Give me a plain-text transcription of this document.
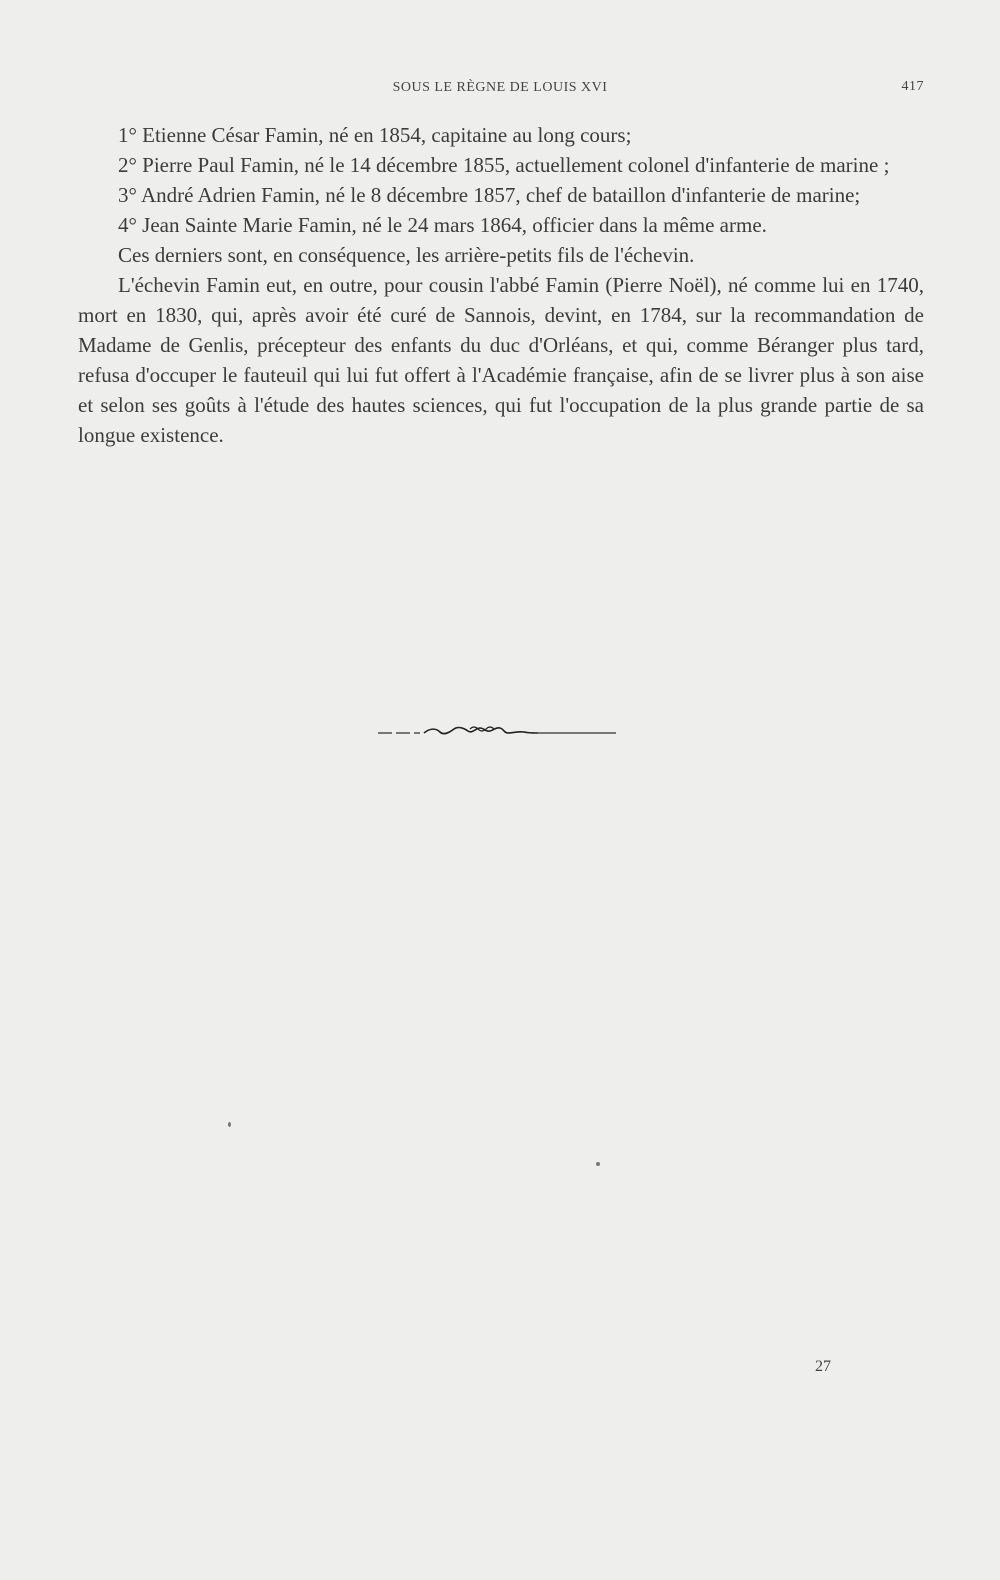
SOUS LE RÈGNE DE LOUIS XVI	417

1° Etienne César Famin, né en 1854, capitaine au long cours;

2° Pierre Paul Famin, né le 14 décembre 1855, actuellement colonel d'infanterie de marine ;

3° André Adrien Famin, né le 8 décembre 1857, chef de bataillon d'infanterie de marine;

4° Jean Sainte Marie Famin, né le 24 mars 1864, officier dans la même arme.

Ces derniers sont, en conséquence, les arrière-petits fils de l'échevin.

L'échevin Famin eut, en outre, pour cousin l'abbé Famin (Pierre Noël), né comme lui en 1740, mort en 1830, qui, après avoir été curé de Sannois, devint, en 1784, sur la recommandation de Madame de Genlis, précepteur des enfants du duc d'Orléans, et qui, comme Béranger plus tard, refusa d'occuper le fauteuil qui lui fut offert à l'Académie française, afin de se livrer plus à son aise et selon ses goûts à l'étude des hautes sciences, qui fut l'occupation de la plus grande partie de sa longue existence.

27
